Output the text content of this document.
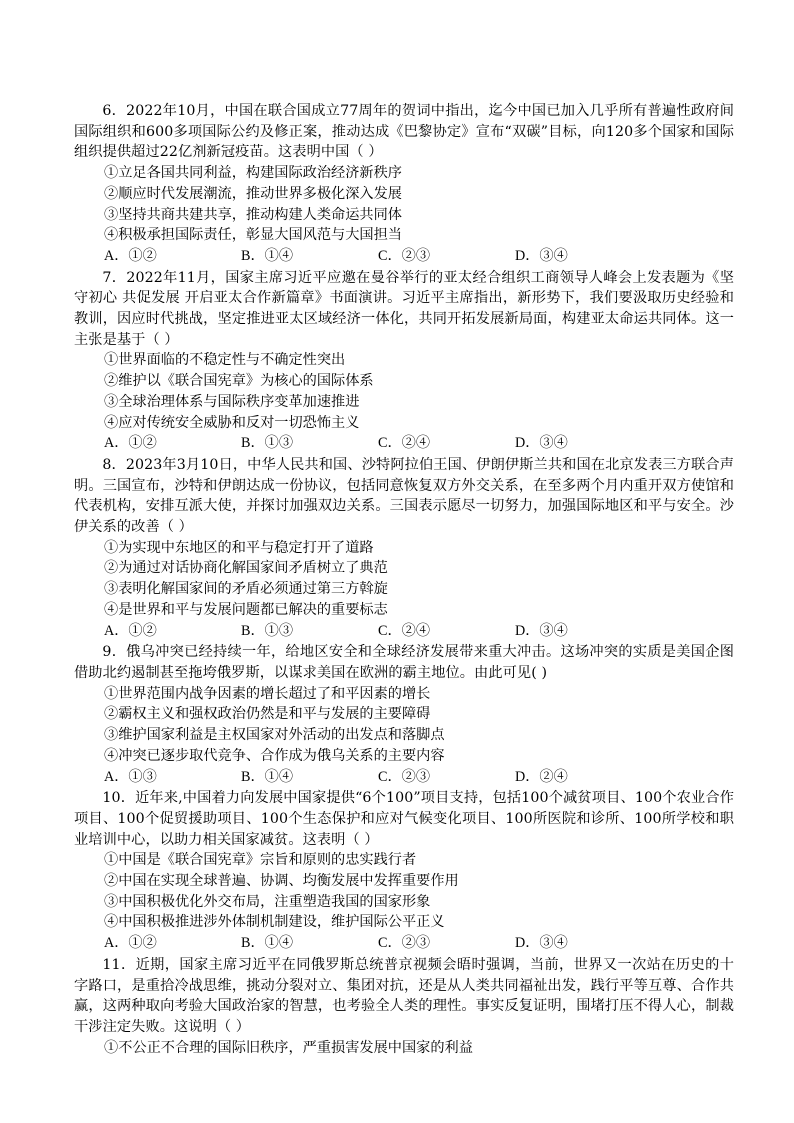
6．2022年10月，中国在联合国成立77周年的贺词中指出，迄今中国已加入几乎所有普遍性政府间国际组织和600多项国际公约及修正案，推动达成《巴黎协定》宣布“双碳”目标，向120多个国家和国际组织提供超过22亿剂新冠疫苗。这表明中国（ ）

①立足各国共同利益，构建国际政治经济新秩序

②顺应时代发展潮流，推动世界多极化深入发展

③坚持共商共建共享，推动构建人类命运共同体

④积极承担国际责任，彰显大国风范与大国担当

A．①②	B．①④	C．②③	D．③④

7．2022年11月，国家主席习近平应邀在曼谷举行的亚太经合组织工商领导人峰会上发表题为《坚守初心 共促发展 开启亚太合作新篇章》书面演讲。习近平主席指出，新形势下，我们要汲取历史经验和教训，因应时代挑战，坚定推进亚太区域经济一体化，共同开拓发展新局面，构建亚太命运共同体。这一主张是基于（ ）

①世界面临的不稳定性与不确定性突出

②维护以《联合国宪章》为核心的国际体系

③全球治理体系与国际秩序变革加速推进

④应对传统安全威胁和反对一切恐怖主义

A．①②	B．①③	C．②④	D．③④

8．2023年3月10日，中华人民共和国、沙特阿拉伯王国、伊朗伊斯兰共和国在北京发表三方联合声明。三国宣布，沙特和伊朗达成一份协议，包括同意恢复双方外交关系，在至多两个月内重开双方使馆和代表机构，安排互派大使，并探讨加强双边关系。三国表示愿尽一切努力，加强国际地区和平与安全。沙伊关系的改善（ ）

①为实现中东地区的和平与稳定打开了道路

②为通过对话协商化解国家间矛盾树立了典范

③表明化解国家间的矛盾必须通过第三方斡旋

④是世界和平与发展问题都已解决的重要标志

A．①②	B．①③	C．②④	D．③④

9．俄乌冲突已经持续一年，给地区安全和全球经济发展带来重大冲击。这场冲突的实质是美国企图借助北约遏制甚至拖垮俄罗斯，以谋求美国在欧洲的霸主地位。由此可见( )

①世界范围内战争因素的增长超过了和平因素的增长

②霸权主义和强权政治仍然是和平与发展的主要障碍

③维护国家利益是主权国家对外活动的出发点和落脚点

④冲突已逐步取代竞争、合作成为俄乌关系的主要内容

A．①③	B．①④	C．②③	D．②④

10．近年来,中国着力向发展中国家提供“6个100”项目支持，包括100个减贫项目、100个农业合作项目、100个促贸援助项目、100个生态保护和应对气候变化项目、100所医院和诊所、100所学校和职业培训中心，以助力相关国家减贫。这表明（ ）

①中国是《联合国宪章》宗旨和原则的忠实践行者

②中国在实现全球普遍、协调、均衡发展中发挥重要作用

③中国积极优化外交布局，注重塑造我国的国家形象

④中国积极推进涉外体制机制建设，维护国际公平正义

A．①②	B．①④	C．②③	D．③④

11．近期，国家主席习近平在同俄罗斯总统普京视频会晤时强调，当前，世界又一次站在历史的十字路口，是重拾冷战思维，挑动分裂对立、集团对抗，还是从人类共同福祉出发，践行平等互尊、合作共赢，这两种取向考验大国政治家的智慧，也考验全人类的理性。事实反复证明，围堵打压不得人心，制裁干涉注定失败。这说明（ ）

①不公正不合理的国际旧秩序，严重损害发展中国家的利益
